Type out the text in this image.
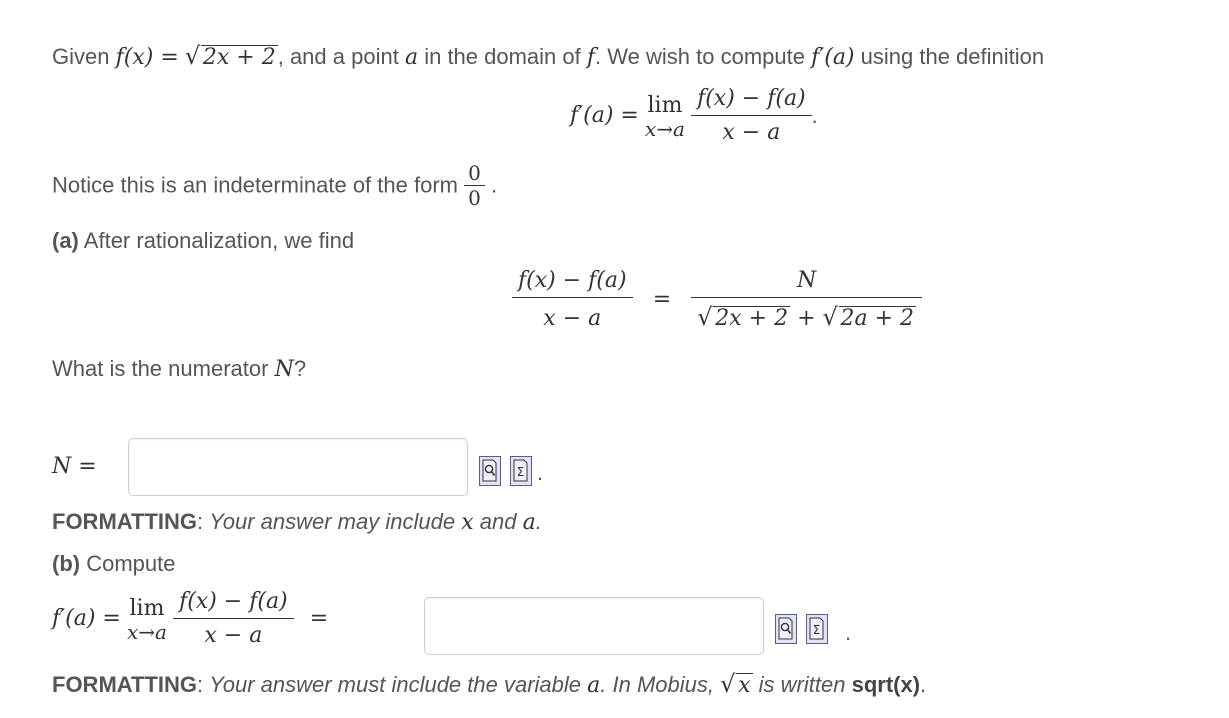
Given f(x) = √ 2x + 2, and a point a in the domain of f. We wish to compute f′(a) using the definition
f′(a) = lim
x→a
$\frac{f(x) - f(a)}{x - a}$ .
Notice this is an indeterminate of the form $\frac{0}{0}$ .
(a) After rationalization, we find
$\frac{f(x) - f(a)}{x - a} = \frac{N}{√ 2x + 2 + √ 2a + 2}$
What is the numerator N?
N =	Σ .
FORMATTING: Your answer may include x and a.
(b) Compute
f′(a) = lim
x→a
$\frac{f(x) - f(a)}{x - a}$ =	Σ .
FORMATTING: Your answer must include the variable a. In Mobius, √ x is written sqrt(x).
